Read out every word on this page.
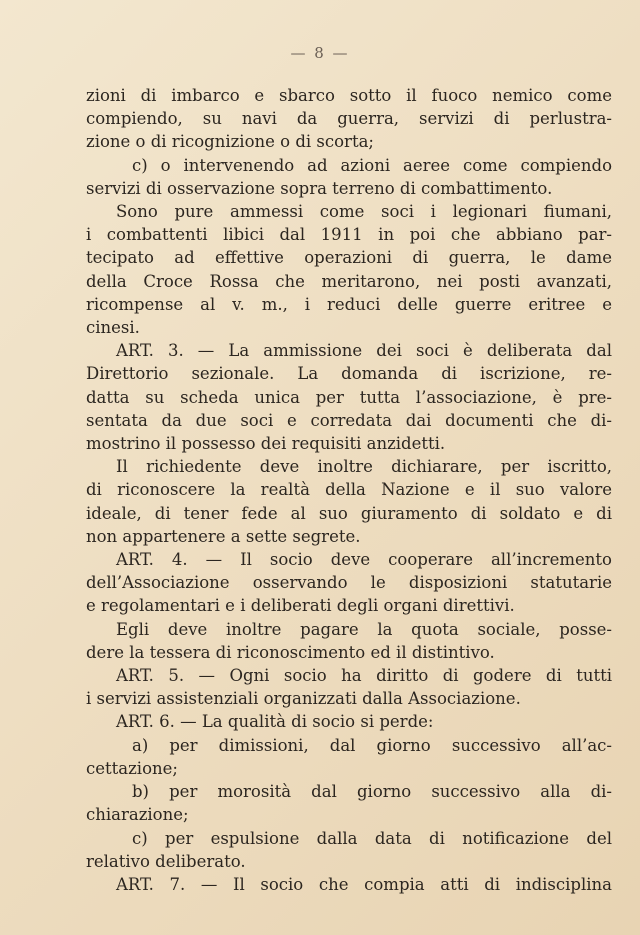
— 8 —
zioni di imbarco e sbarco sotto il fuoco nemico come
compiendo, su navi da guerra, servizi di perlustra-
zione o di ricognizione o di scorta;
c) o intervenendo ad azioni aeree come compiendo
servizi di osservazione sopra terreno di combattimento.
Sono pure ammessi come soci i legionari fiumani,
i combattenti libici dal 1911 in poi che abbiano par-
tecipato ad effettive operazioni di guerra, le dame
della Croce Rossa che meritarono, nei posti avanzati,
ricompense al v. m., i reduci delle guerre eritree e
cinesi.
ART. 3. — La ammissione dei soci è deliberata dal
Direttorio sezionale. La domanda di iscrizione, re-
datta su scheda unica per tutta l’associazione, è pre-
sentata da due soci e corredata dai documenti che di-
mostrino il possesso dei requisiti anzidetti.
Il richiedente deve inoltre dichiarare, per iscritto,
di riconoscere la realtà della Nazione e il suo valore
ideale, di tener fede al suo giuramento di soldato e di
non appartenere a sette segrete.
ART. 4. — Il socio deve cooperare all’incremento
dell’Associazione osservando le disposizioni statutarie
e regolamentari e i deliberati degli organi direttivi.
Egli deve inoltre pagare la quota sociale, posse-
dere la tessera di riconoscimento ed il distintivo.
ART. 5. — Ogni socio ha diritto di godere di tutti
i servizi assistenziali organizzati dalla Associazione.
ART. 6. — La qualità di socio si perde:
a) per dimissioni, dal giorno successivo all’ac-
cettazione;
b) per morosità dal giorno successivo alla di-
chiarazione;
c) per espulsione dalla data di notificazione del
relativo deliberato.
ART. 7. — Il socio che compia atti di indisciplina
